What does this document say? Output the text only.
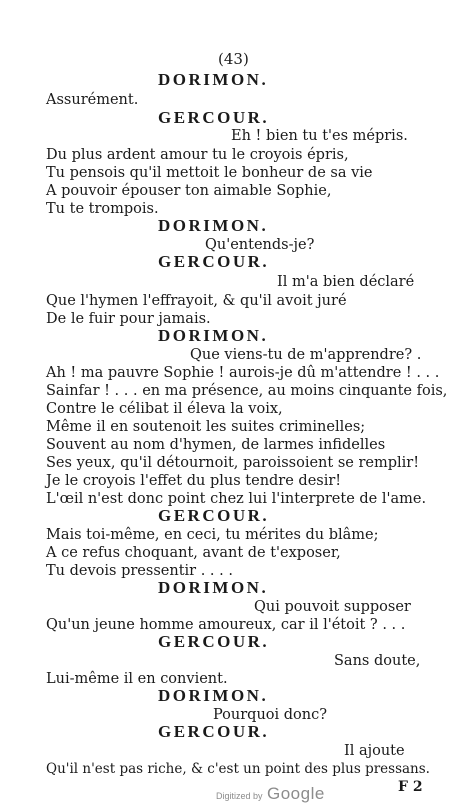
(43)
DORIMON.
Assurément.
GERCOUR.
Eh ! bien tu t'es mépris.
Du plus ardent amour tu le croyois épris,
Tu pensois qu'il mettoit le bonheur de sa vie
A pouvoir épouser ton aimable Sophie,
Tu te trompois.
DORIMON.
Qu'entends-je?
GERCOUR.
Il m'a bien déclaré
Que l'hymen l'effrayoit, & qu'il avoit juré
De le fuir pour jamais.
DORIMON.
Que viens-tu de m'apprendre? .
Ah ! ma pauvre Sophie ! aurois-je dû m'attendre ! . . .
Sainfar ! . . . en ma présence, au moins cinquante fois,
Contre le célibat il éleva la voix,
Même il en soutenoit les suites criminelles;
Souvent au nom d'hymen, de larmes infidelles
Ses yeux, qu'il détournoit, paroissoient se remplir!
Je le croyois l'effet du plus tendre desir!
L'œil n'est donc point chez lui l'interprete de l'ame.
GERCOUR.
Mais toi-même, en ceci, tu mérites du blâme;
A ce refus choquant, avant de t'exposer,
Tu devois pressentir . . . .
DORIMON.
Qui pouvoit supposer
Qu'un jeune homme amoureux, car il l'étoit ? . . .
GERCOUR.
Sans doute,
Lui-même il en convient.
DORIMON.
Pourquoi donc?
GERCOUR.
Il ajoute
Qu'il n'est pas riche, & c'est un point des plus pressans.
F 2
Digitized by Google
